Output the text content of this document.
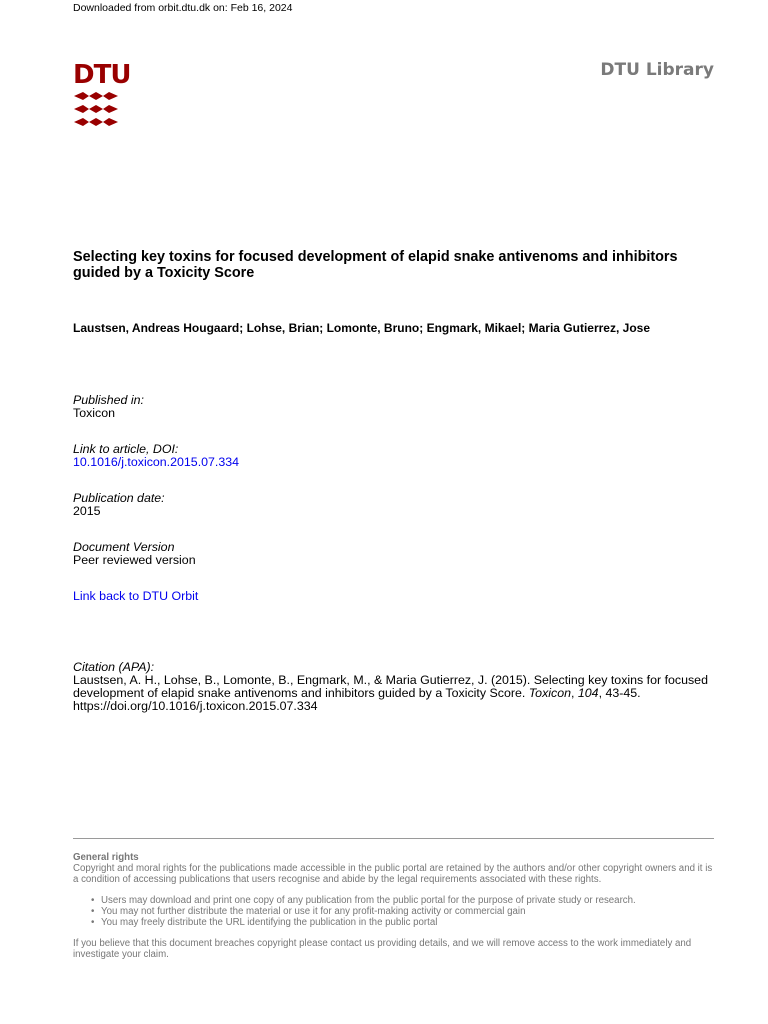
Downloaded from orbit.dtu.dk on: Feb 16, 2024
DTU	DTU Library
Selecting key toxins for focused development of elapid snake antivenoms and inhibitors guided by a Toxicity Score
Laustsen, Andreas Hougaard; Lohse, Brian; Lomonte, Bruno; Engmark, Mikael; Maria Gutierrez, Jose
Published in:
Toxicon
Link to article, DOI:
10.1016/j.toxicon.2015.07.334
Publication date:
2015
Document Version
Peer reviewed version
Link back to DTU Orbit
Citation (APA):
Laustsen, A. H., Lohse, B., Lomonte, B., Engmark, M., & Maria Gutierrez, J. (2015). Selecting key toxins for focused development of elapid snake antivenoms and inhibitors guided by a Toxicity Score. Toxicon, 104, 43-45. https://doi.org/10.1016/j.toxicon.2015.07.334
General rights
Copyright and moral rights for the publications made accessible in the public portal are retained by the authors and/or other copyright owners and it is a condition of accessing publications that users recognise and abide by the legal requirements associated with these rights.
• Users may download and print one copy of any publication from the public portal for the purpose of private study or research.
• You may not further distribute the material or use it for any profit-making activity or commercial gain
• You may freely distribute the URL identifying the publication in the public portal
If you believe that this document breaches copyright please contact us providing details, and we will remove access to the work immediately and investigate your claim.
